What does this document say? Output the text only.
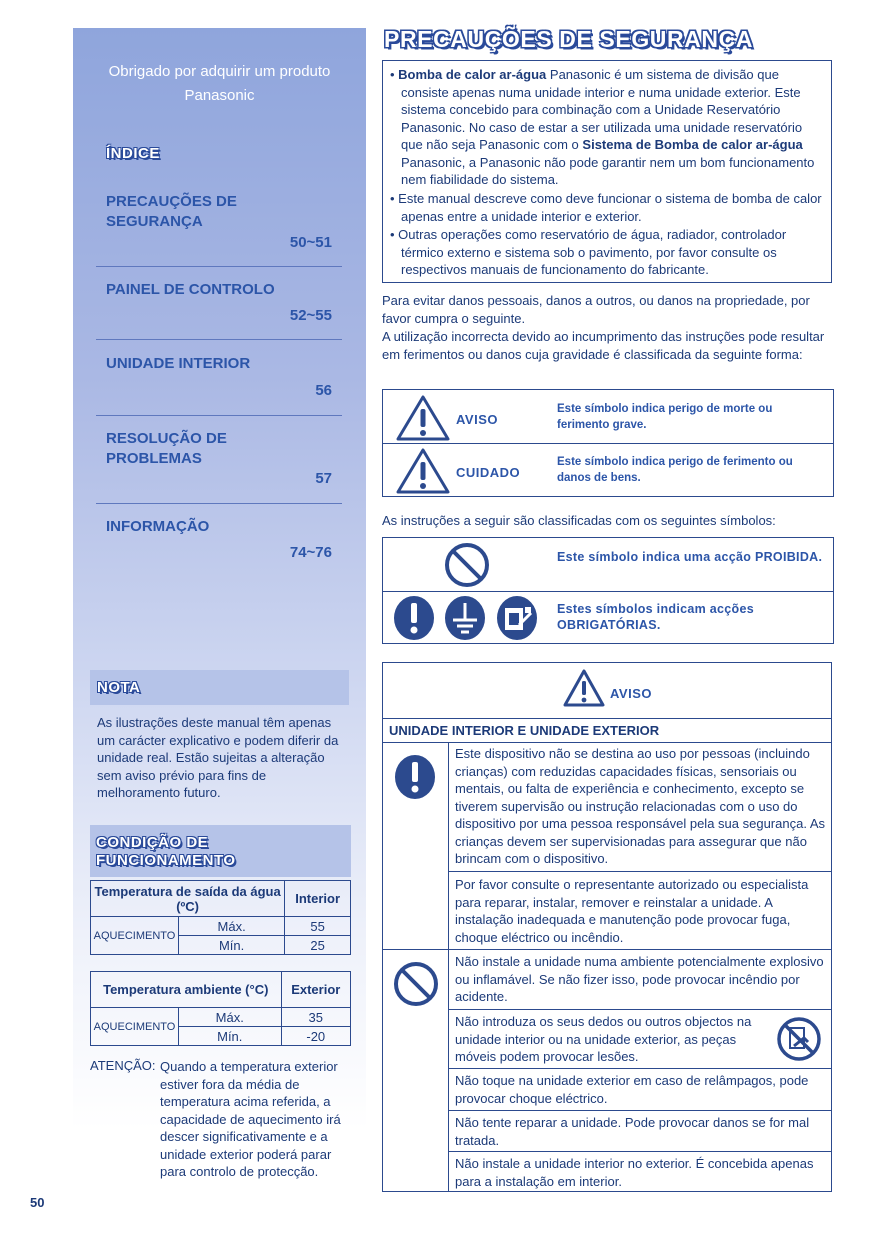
Obrigado por adquirir um produto Panasonic
ÍNDICE
PRECAUÇÕES DE SEGURANÇA
50~51
PAINEL DE CONTROLO
52~55
UNIDADE INTERIOR
56
RESOLUÇÃO DE PROBLEMAS
57
INFORMAÇÃO
74~76
NOTA
As ilustrações deste manual têm apenas um carácter explicativo e podem diferir da unidade real. Estão sujeitas a alteração sem aviso prévio para fins de melhoramento futuro.
CONDIÇÃO DE
FUNCIONAMENTO
Temperatura de saída da água (ºC)		Interior
AQUECIMENTO	Máx.	55
	Mín.	25
Temperatura ambiente (°C)		Exterior
AQUECIMENTO	Máx.	35
	Mín.	-20
ATENÇÃO: Quando a temperatura exterior estiver fora da média de temperatura acima referida, a capacidade de aquecimento irá descer significativamente e a unidade exterior poderá parar para controlo de protecção.
50
PRECAUÇÕES DE SEGURANÇA
• Bomba de calor ar-água Panasonic é um sistema de divisão que consiste apenas numa unidade interior e numa unidade exterior. Este sistema concebido para combinação com a Unidade Reservatório Panasonic. No caso de estar a ser utilizada uma unidade reservatório que não seja Panasonic com o Sistema de Bomba de calor ar-água Panasonic, a Panasonic não pode garantir nem um bom funcionamento nem fiabilidade do sistema.
• Este manual descreve como deve funcionar o sistema de bomba de calor apenas entre a unidade interior e exterior.
• Outras operações como reservatório de água, radiador, controlador térmico externo e sistema sob o pavimento, por favor consulte os respectivos manuais de funcionamento do fabricante.
Para evitar danos pessoais, danos a outros, ou danos na propriedade, por favor cumpra o seguinte.
A utilização incorrecta devido ao incumprimento das instruções pode resultar em ferimentos ou danos cuja gravidade é classificada da seguinte forma:
AVISO
Este símbolo indica perigo de morte ou ferimento grave.
CUIDADO
Este símbolo indica perigo de ferimento ou danos de bens.
As instruções a seguir são classificadas com os seguintes símbolos:
Este símbolo indica uma acção PROIBIDA.
Estes símbolos indicam acções OBRIGATÓRIAS.
AVISO
UNIDADE INTERIOR E UNIDADE EXTERIOR
Este dispositivo não se destina ao uso por pessoas (incluindo crianças) com reduzidas capacidades físicas, sensoriais ou mentais, ou falta de experiência e conhecimento, excepto se tiverem supervisão ou instrução relacionadas com o uso do dispositivo por uma pessoa responsável pela sua segurança. As crianças devem ser supervisionadas para assegurar que não brincam com o dispositivo.
Por favor consulte o representante autorizado ou especialista para reparar, instalar, remover e reinstalar a unidade. A instalação inadequada e manutenção pode provocar fuga, choque eléctrico ou incêndio.
Não instale a unidade numa ambiente potencialmente explosivo ou inflamável. Se não fizer isso, pode provocar incêndio por acidente.
Não introduza os seus dedos ou outros objectos na unidade interior ou na unidade exterior, as peças móveis podem provocar lesões.
Não toque na unidade exterior em caso de relâmpagos, pode provocar choque eléctrico.
Não tente reparar a unidade. Pode provocar danos se for mal tratada.
Não instale a unidade interior no exterior. É concebida apenas para a instalação em interior.
